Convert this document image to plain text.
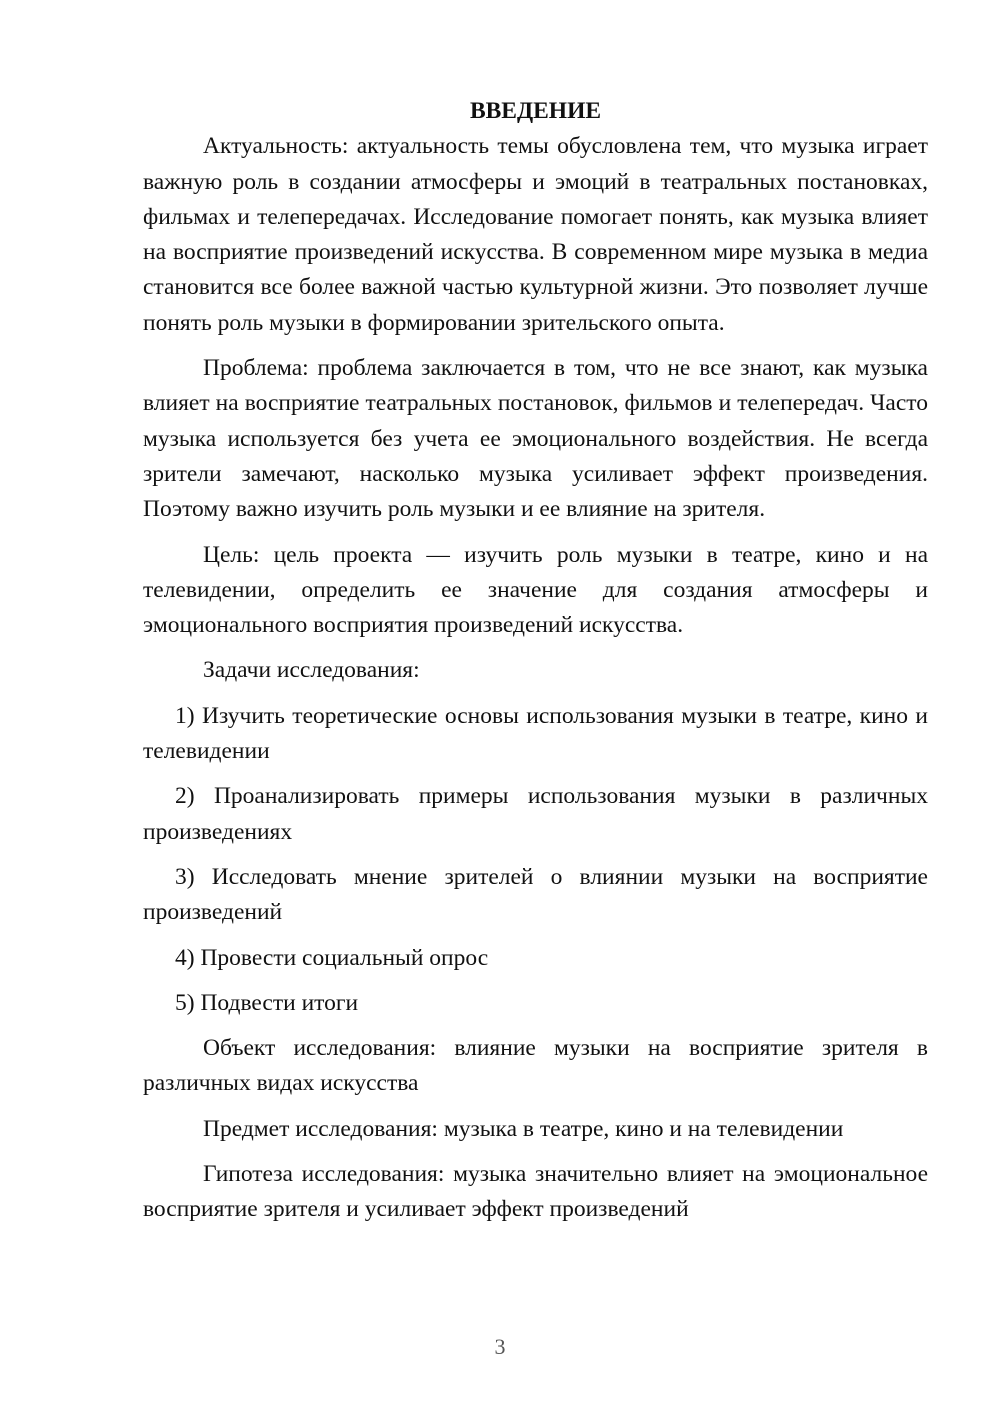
ВВЕДЕНИЕ

Актуальность: актуальность темы обусловлена тем, что музыка играет важную роль в создании атмосферы и эмоций в театральных постановках, фильмах и телепередачах. Исследование помогает понять, как музыка влияет на восприятие произведений искусства. В современном мире музыка в медиа становится все более важной частью культурной жизни. Это позволяет лучше понять роль музыки в формировании зрительского опыта.

Проблема: проблема заключается в том, что не все знают, как музыка влияет на восприятие театральных постановок, фильмов и телепередач. Часто музыка используется без учета ее эмоционального воздействия. Не всегда зрители замечают, насколько музыка усиливает эффект произведения. Поэтому важно изучить роль музыки и ее влияние на зрителя.

Цель: цель проекта — изучить роль музыки в театре, кино и на телевидении, определить ее значение для создания атмосферы и эмоционального восприятия произведений искусства.

Задачи исследования:

1) Изучить теоретические основы использования музыки в театре, кино и телевидении

2) Проанализировать примеры использования музыки в различных произведениях

3) Исследовать мнение зрителей о влиянии музыки на восприятие произведений

4) Провести социальный опрос

5) Подвести итоги

Объект исследования: влияние музыки на восприятие зрителя в различных видах искусства

Предмет исследования: музыка в театре, кино и на телевидении

Гипотеза исследования: музыка значительно влияет на эмоциональное восприятие зрителя и усиливает эффект произведений

3
